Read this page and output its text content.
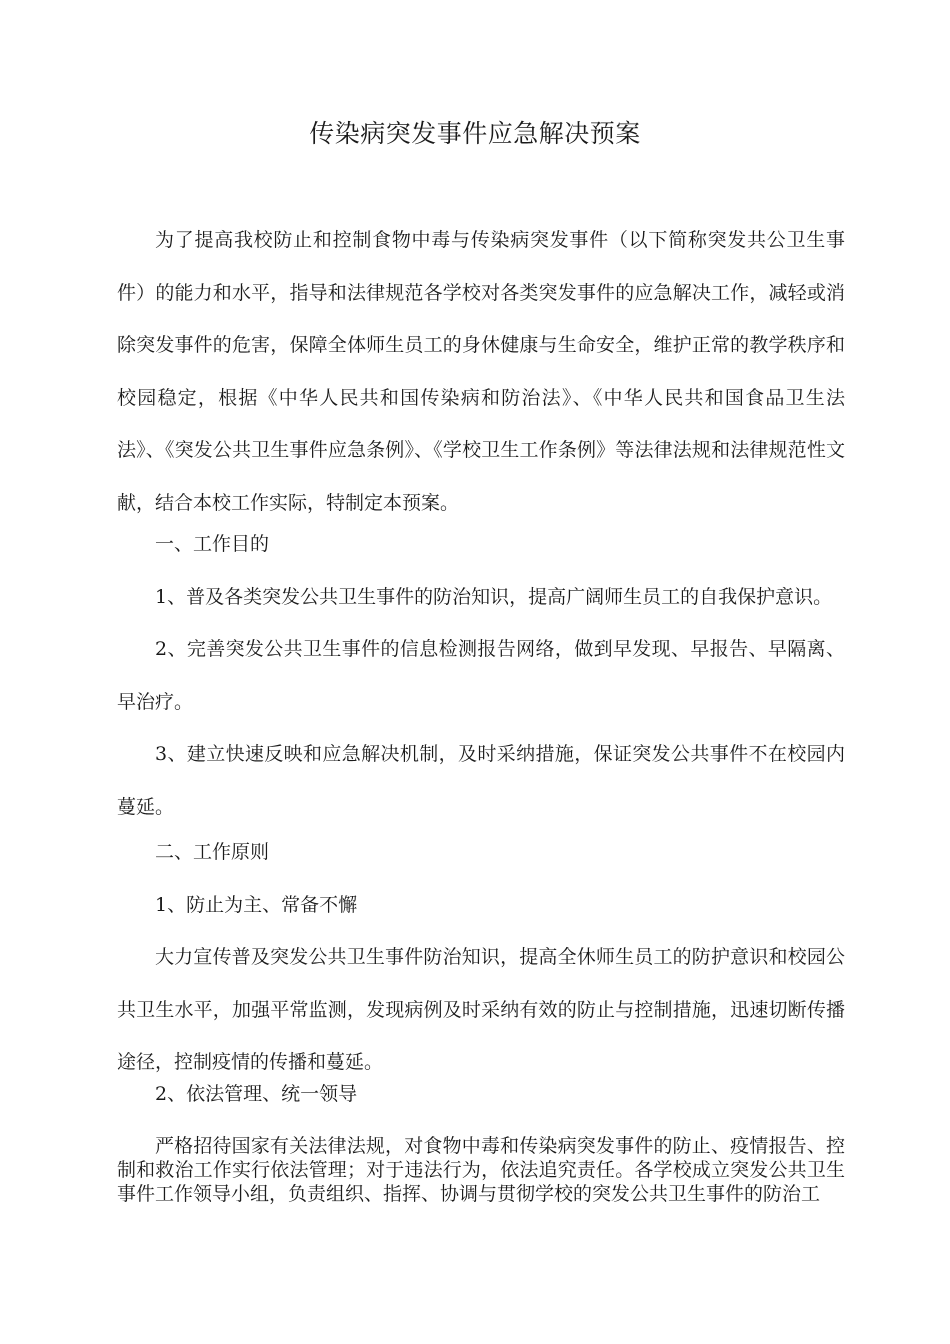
传染病突发事件应急解决预案

为了提高我校防止和控制食物中毒与传染病突发事件（以下简称突发共公卫生事件）的能力和水平，指导和法律规范各学校对各类突发事件的应急解决工作，减轻或消除突发事件的危害，保障全体师生员工的身休健康与生命安全，维护正常的教学秩序和校园稳定，根据《中华人民共和国传染病和防治法》、《中华人民共和国食品卫生法法》、《突发公共卫生事件应急条例》、《学校卫生工作条例》等法律法规和法律规范性文献，结合本校工作实际，特制定本预案。

一、工作目的

1、普及各类突发公共卫生事件的防治知识，提高广阔师生员工的自我保护意识。

2、完善突发公共卫生事件的信息检测报告网络，做到早发现、早报告、早隔离、早治疗。

3、建立快速反映和应急解决机制，及时采纳措施，保证突发公共事件不在校园内蔓延。

二、工作原则

1、防止为主、常备不懈

大力宣传普及突发公共卫生事件防治知识，提高全休师生员工的防护意识和校园公共卫生水平，加强平常监测，发现病例及时采纳有效的防止与控制措施，迅速切断传播途径，控制疫情的传播和蔓延。

2、依法管理、统一领导

严格招待国家有关法律法规，对食物中毒和传染病突发事件的防止、疫情报告、控制和救治工作实行依法管理；对于违法行为，依法追究责任。各学校成立突发公共卫生事件工作领导小组，负责组织、指挥、协调与贯彻学校的突发公共卫生事件的防治工
